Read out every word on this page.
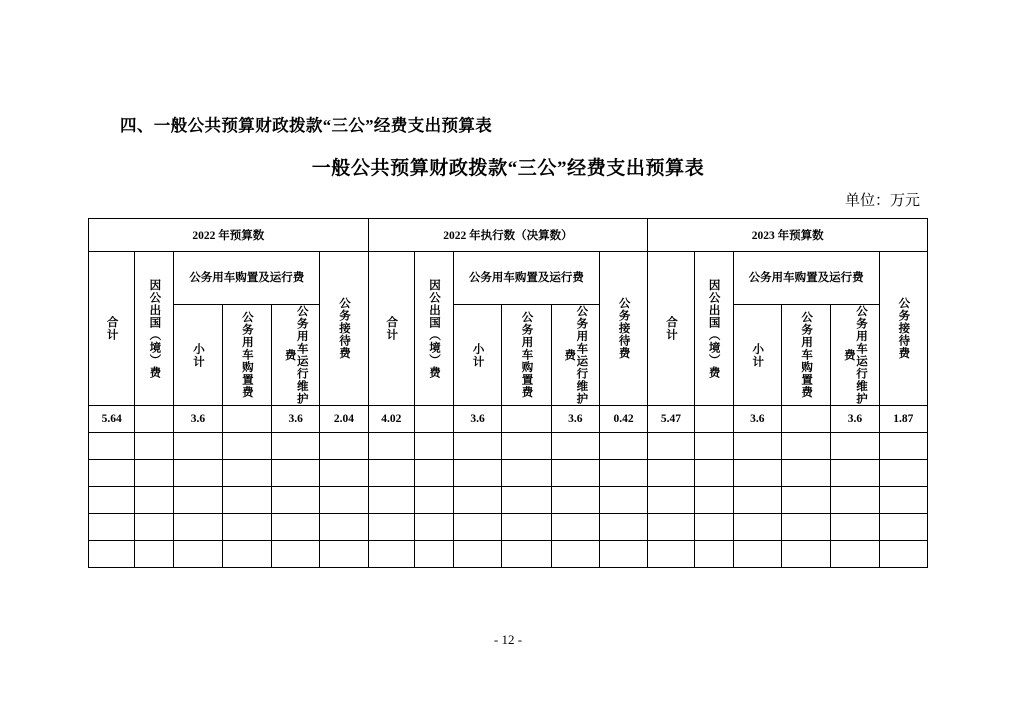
四、一般公共预算财政拨款“三公”经费支出预算表
一般公共预算财政拨款“三公”经费支出预算表
单位：万元
2022 年预算数						2022 年执行数（决算数）						2023 年预算数					

合计	因公出国（境）费	公务用车购置及运行费			公务接待费	合计	因公出国（境）费	公务用车购置及运行费			公务接待费	合计	因公出国（境）费	公务用车购置及运行费			公务接待费

		小计	公务用车购置费	公务用车运行维护费				小计	公务用车购置费	公务用车运行维护费				小计	公务用车购置费	公务用车运行维护费	

5.64		3.6		3.6	2.04	4.02		3.6		3.6	0.42	5.47		3.6		3.6	1.87

- 12 -
